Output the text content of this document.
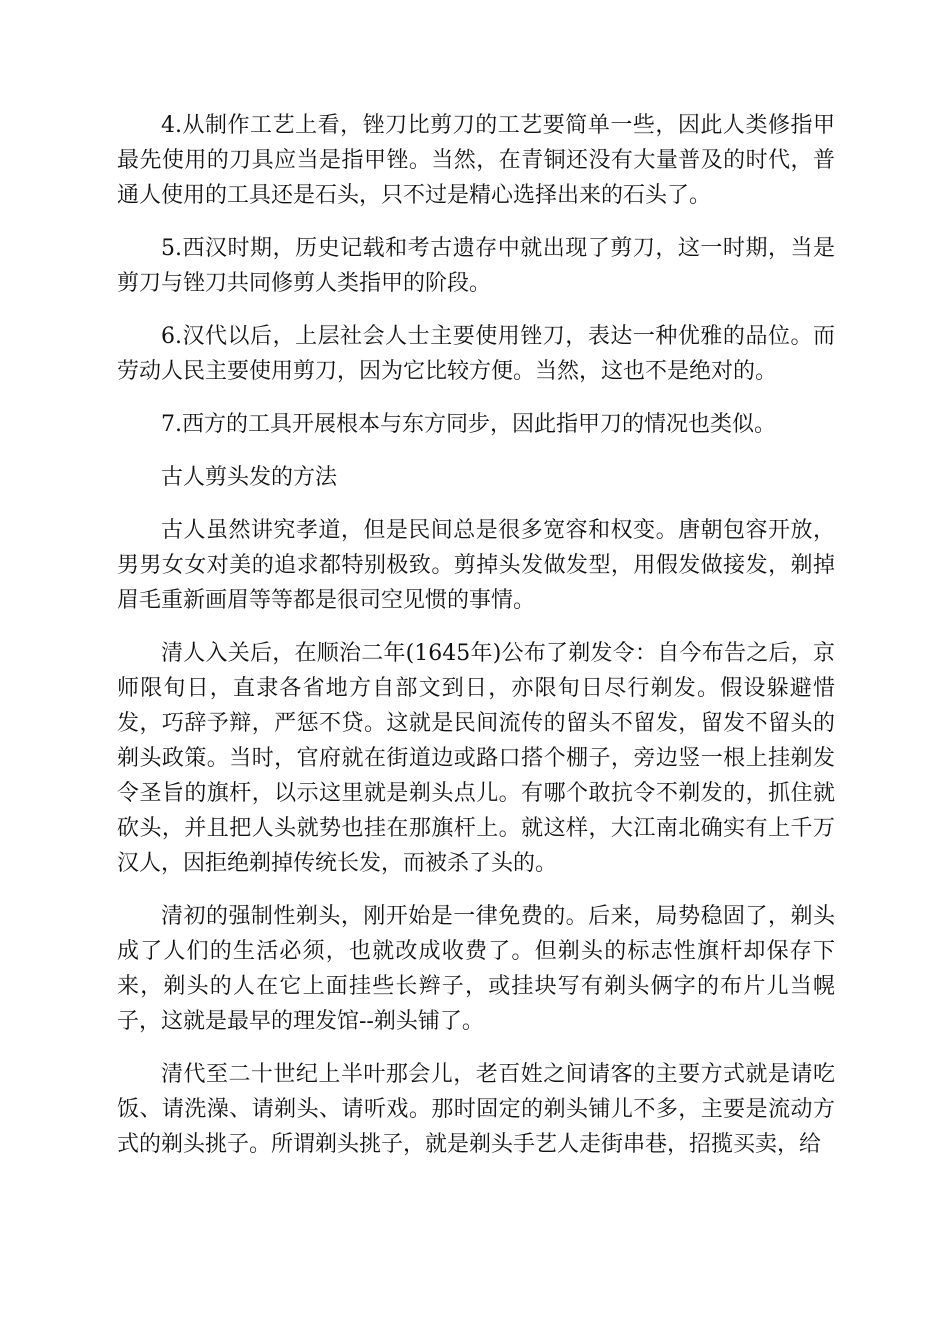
4.从制作工艺上看，锉刀比剪刀的工艺要简单一些，因此人类修指甲最先使用的刀具应当是指甲锉。当然，在青铜还没有大量普及的时代，普通人使用的工具还是石头，只不过是精心选择出来的石头了。

5.西汉时期，历史记载和考古遗存中就出现了剪刀，这一时期，当是剪刀与锉刀共同修剪人类指甲的阶段。

6.汉代以后，上层社会人士主要使用锉刀，表达一种优雅的品位。而劳动人民主要使用剪刀，因为它比较方便。当然，这也不是绝对的。

7.西方的工具开展根本与东方同步，因此指甲刀的情况也类似。

古人剪头发的方法

古人虽然讲究孝道，但是民间总是很多宽容和权变。唐朝包容开放，男男女女对美的追求都特别极致。剪掉头发做发型，用假发做接发，剃掉眉毛重新画眉等等都是很司空见惯的事情。

清人入关后，在顺治二年(1645年)公布了剃发令：自今布告之后，京师限旬日，直隶各省地方自部文到日，亦限旬日尽行剃发。假设躲避惜发，巧辞予辩，严惩不贷。这就是民间流传的留头不留发，留发不留头的剃头政策。当时，官府就在街道边或路口搭个棚子，旁边竖一根上挂剃发令圣旨的旗杆，以示这里就是剃头点儿。有哪个敢抗令不剃发的，抓住就砍头，并且把人头就势也挂在那旗杆上。就这样，大江南北确实有上千万汉人，因拒绝剃掉传统长发，而被杀了头的。

清初的强制性剃头，刚开始是一律免费的。后来，局势稳固了，剃头成了人们的生活必须，也就改成收费了。但剃头的标志性旗杆却保存下来，剃头的人在它上面挂些长辫子，或挂块写有剃头俩字的布片儿当幌子，这就是最早的理发馆--剃头铺了。

清代至二十世纪上半叶那会儿，老百姓之间请客的主要方式就是请吃饭、请洗澡、请剃头、请听戏。那时固定的剃头铺儿不多，主要是流动方式的剃头挑子。所谓剃头挑子，就是剃头手艺人走街串巷，招揽买卖，给
